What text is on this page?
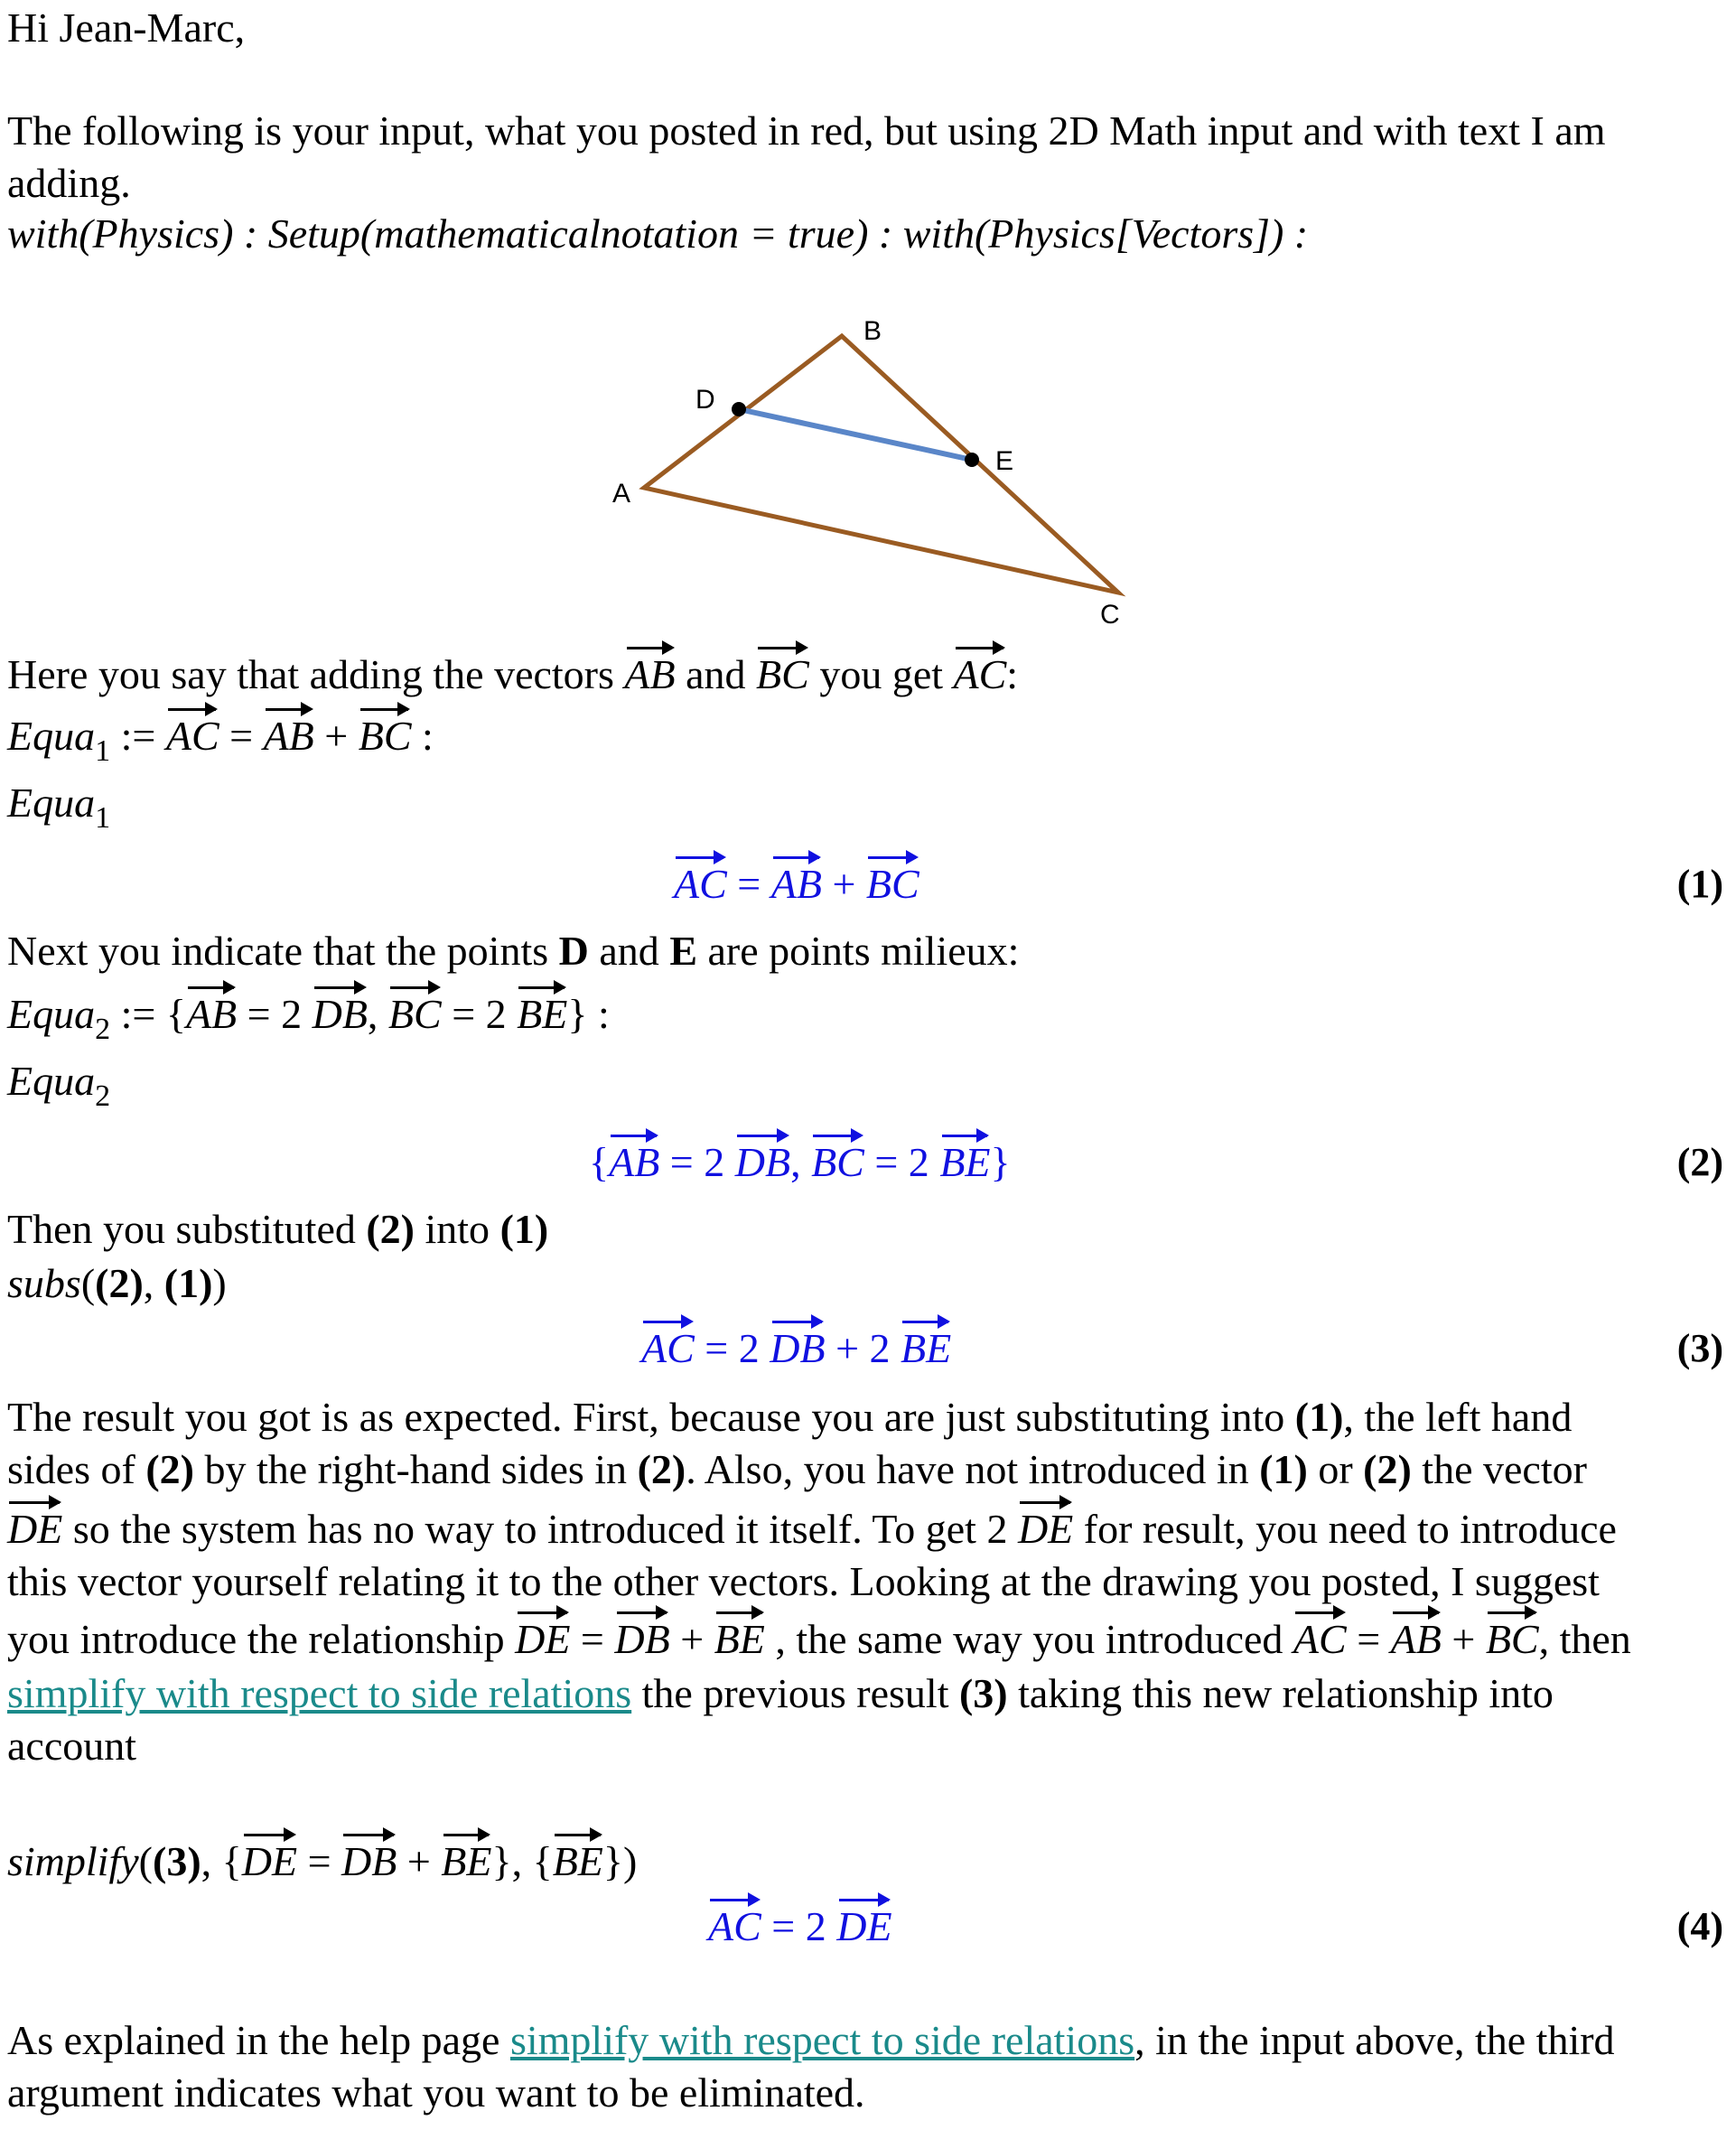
Hi Jean-Marc,
The following is your input, what you posted in red, but using 2D Math input and with text I am
adding.
with(Physics) : Setup(mathematicalnotation = true) : with(Physics[Vectors]) :
B
D
E
A
C
Here you say that adding the vectors AB and BC you get AC:
Equa$_1$ := AC = AB + BC :
Equa$_1$
AC = AB + BC	(1)
Next you indicate that the points D and E are points milieux:
Equa$_2$ := {AB = 2 DB, BC = 2 BE} :
Equa$_2$
{AB = 2 DB, BC = 2 BE}	(2)
Then you substituted (2) into (1)
subs((2), (1))
AC = 2 DB + 2 BE	(3)
The result you got is as expected. First, because you are just substituting into (1), the left hand
sides of (2) by the right-hand sides in (2). Also, you have not introduced in (1) or (2) the vector
DE so the system has no way to introduced it itself. To get 2 DE for result, you need to introduce
this vector yourself relating it to the other vectors. Looking at the drawing you posted, I suggest
you introduce the relationship DE = DB + BE , the same way you introduced AC = AB + BC, then
simplify with respect to side relations the previous result (3) taking this new relationship into
account
simplify((3), {DE = DB + BE}, {BE})
AC = 2 DE	(4)
As explained in the help page simplify with respect to side relations, in the input above, the third
argument indicates what you want to be eliminated.
